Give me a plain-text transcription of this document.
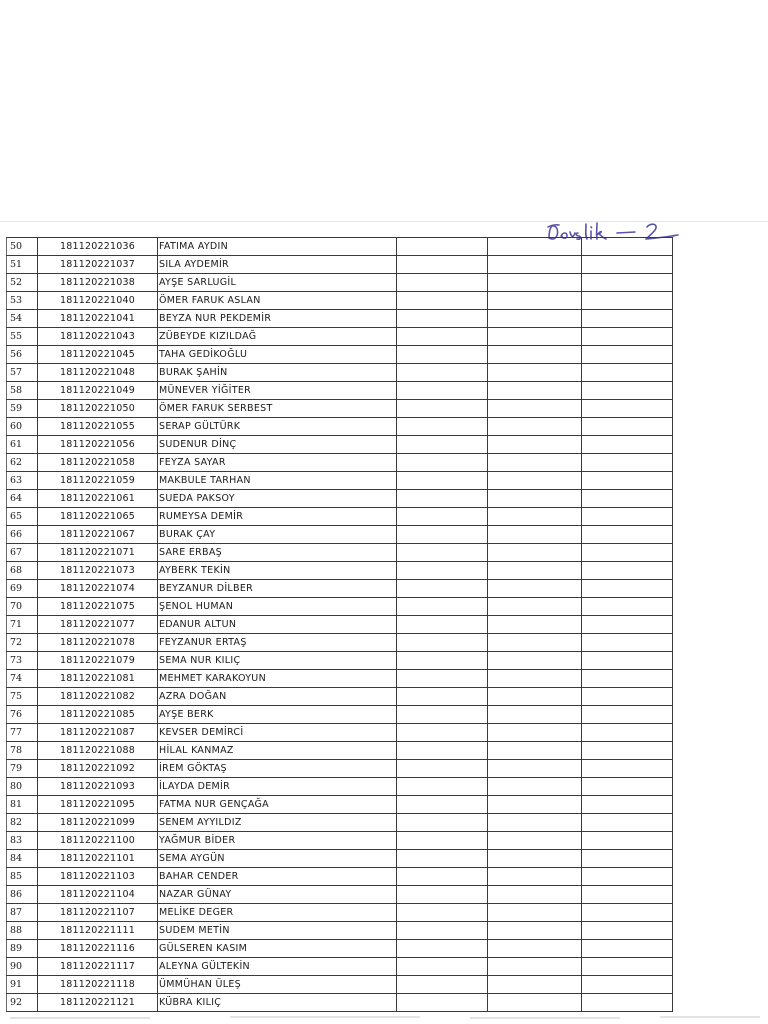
50	181120221036	FATIMA AYDIN			
51	181120221037	SILA AYDEMİR			
52	181120221038	AYŞE SARLUGİL			
53	181120221040	ÖMER FARUK ASLAN			
54	181120221041	BEYZA NUR PEKDEMİR			
55	181120221043	ZÜBEYDE KIZILDAĞ			
56	181120221045	TAHA GEDİKOĞLU			
57	181120221048	BURAK ŞAHİN			
58	181120221049	MÜNEVER YİĞİTER			
59	181120221050	ÖMER FARUK SERBEST			
60	181120221055	SERAP GÜLTÜRK			
61	181120221056	SUDENUR DİNÇ			
62	181120221058	FEYZA SAYAR			
63	181120221059	MAKBULE TARHAN			
64	181120221061	SUEDA PAKSOY			
65	181120221065	RUMEYSA DEMİR			
66	181120221067	BURAK ÇAY			
67	181120221071	SARE ERBAŞ			
68	181120221073	AYBERK TEKİN			
69	181120221074	BEYZANUR DİLBER			
70	181120221075	ŞENOL HUMAN			
71	181120221077	EDANUR ALTUN			
72	181120221078	FEYZANUR ERTAŞ			
73	181120221079	SEMA NUR KILIÇ			
74	181120221081	MEHMET KARAKOYUN			
75	181120221082	AZRA DOĞAN			
76	181120221085	AYŞE BERK			
77	181120221087	KEVSER DEMİRCİ			
78	181120221088	HİLAL KANMAZ			
79	181120221092	İREM GÖKTAŞ			
80	181120221093	İLAYDA DEMİR			
81	181120221095	FATMA NUR GENÇAĞA			
82	181120221099	SENEM AYYILDIZ			
83	181120221100	YAĞMUR BİDER			
84	181120221101	SEMA AYGÜN			
85	181120221103	BAHAR CENDER			
86	181120221104	NAZAR GÜNAY			
87	181120221107	MELİKE DEGER			
88	181120221111	SUDEM METİN			
89	181120221116	GÜLSEREN KASIM			
90	181120221117	ALEYNA GÜLTEKİN			
91	181120221118	ÜMMÜHAN ÜLEŞ			
92	181120221121	KÜBRA KILIÇ			
